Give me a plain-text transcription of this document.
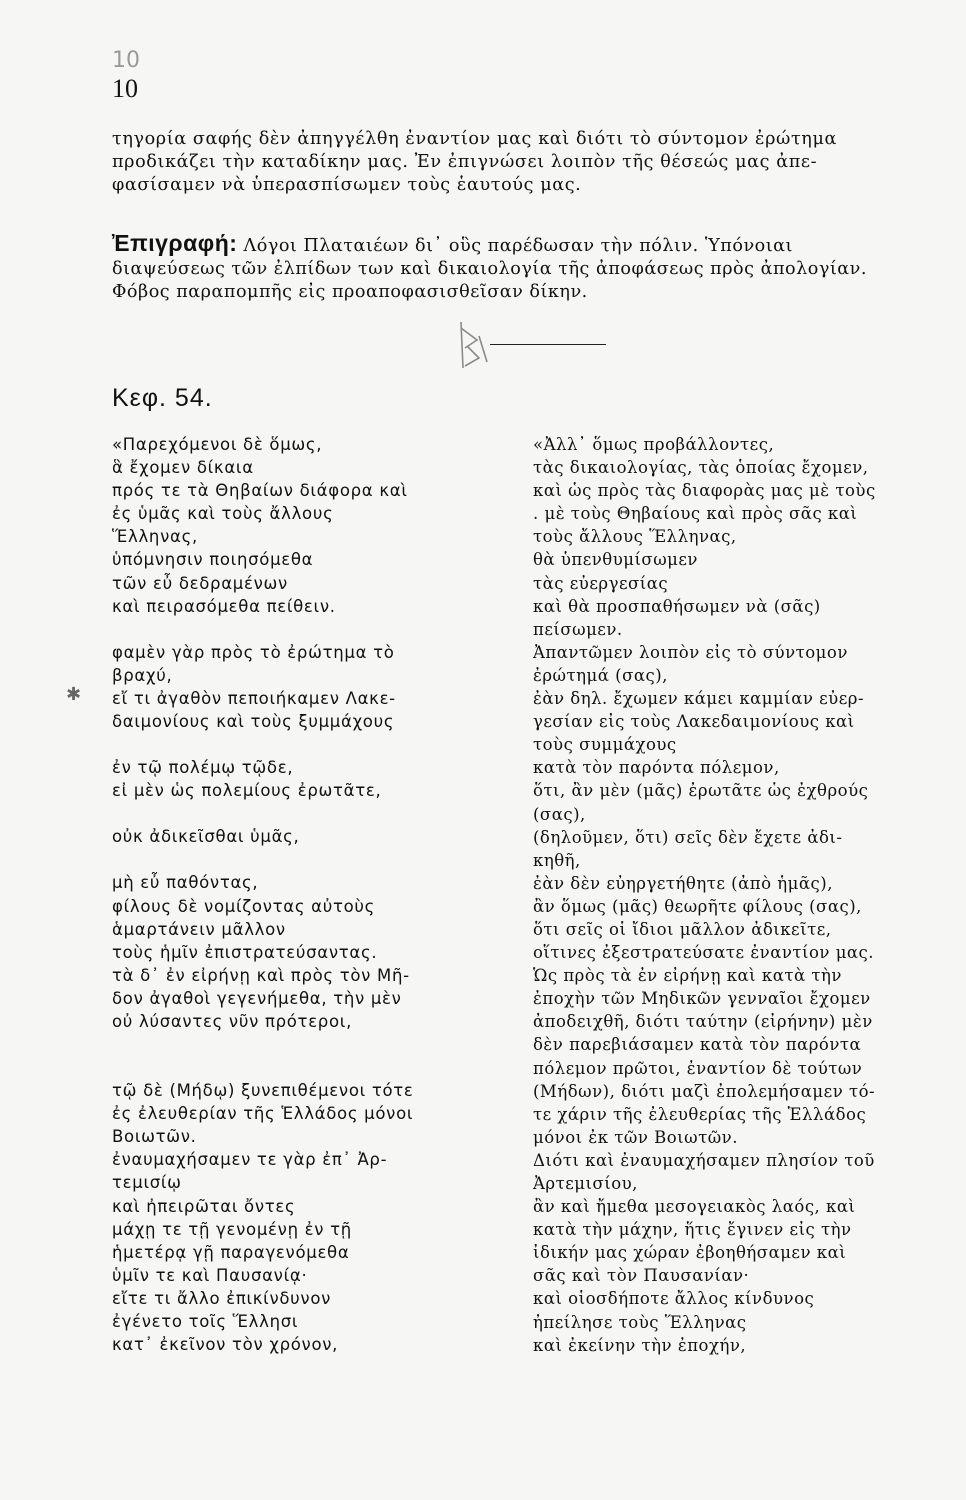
10
10
τηγορία σαφής δὲν ἀπηγγέλθη ἐναντίον μας καὶ διότι τὸ σύντομον ἐρώτημα
προδικάζει τὴν καταδίκην μας. Ἐν ἐπιγνώσει λοιπὸν τῆς θέσεώς μας ἀπε-
φασίσαμεν νὰ ὑπερασπίσωμεν τοὺς ἑαυτούς μας.
Ἐπιγραφή: Λόγοι Πλαταιέων δι᾽ οὓς παρέδωσαν τὴν πόλιν. Ὑπόνοιαι
διαψεύσεως τῶν ἐλπίδων των καὶ δικαιολογία τῆς ἀποφάσεως πρὸς ἀπολογίαν.
Φόβος παραπομπῆς εἰς προαποφασισθεῖσαν δίκην.
Κεφ. 54.
✱
«Παρεχόμενοι δὲ ὅμως,
ἃ ἔχομεν δίκαια
πρός τε τὰ Θηβαίων διάφορα καὶ
ἐς ὑμᾶς καὶ τοὺς ἄλλους
Ἕλληνας,
ὑπόμνησιν ποιησόμεθα
τῶν εὖ δεδραμένων
καὶ πειρασόμεθα πείθειν.
φαμὲν γὰρ πρὸς τὸ ἐρώτημα τὸ
βραχύ,
εἴ τι ἀγαθὸν πεποιήκαμεν Λακε-
δαιμονίους καὶ τοὺς ξυμμάχους
ἐν τῷ πολέμῳ τῷδε,
εἰ μὲν ὡς πολεμίους ἐρωτᾶτε,
οὐκ ἀδικεῖσθαι ὑμᾶς,
μὴ εὖ παθόντας,
φίλους δὲ νομίζοντας αὐτοὺς
ἁμαρτάνειν μᾶλλον
τοὺς ἡμῖν ἐπιστρατεύσαντας.
τὰ δ᾽ ἐν εἰρήνῃ καὶ πρὸς τὸν Μῆ-
δον ἀγαθοὶ γεγενήμεθα, τὴν μὲν
οὐ λύσαντες νῦν πρότεροι,
τῷ δὲ (Μήδῳ) ξυνεπιθέμενοι τότε
ἐς ἐλευθερίαν τῆς Ἑλλάδος μόνοι
Βοιωτῶν.
ἐναυμαχήσαμεν τε γὰρ ἐπ᾽ Ἀρ-
τεμισίῳ
καὶ ἠπειρῶται ὄντες
μάχῃ τε τῇ γενομένῃ ἐν τῇ
ἡμετέρᾳ γῇ παραγενόμεθα
ὑμῖν τε καὶ Παυσανίᾳ·
εἴτε τι ἄλλο ἐπικίνδυνον
ἐγένετο τοῖς Ἕλλησι
κατ᾽ ἐκεῖνον τὸν χρόνον,
«Ἀλλ᾽ ὅμως προβάλλοντες,
τὰς δικαιολογίας, τὰς ὁποίας ἔχομεν,
καὶ ὡς πρὸς τὰς διαφορὰς μας μὲ τοὺς
. μὲ τοὺς Θηβαίους καὶ πρὸς σᾶς καὶ
τοὺς ἄλλους Ἕλληνας,
θὰ ὑπενθυμίσωμεν
τὰς εὐεργεσίας
καὶ θὰ προσπαθήσωμεν νὰ (σᾶς)
πείσωμεν.
Ἀπαντῶμεν λοιπὸν εἰς τὸ σύντομον
ἐρώτημά (σας),
ἐὰν δηλ. ἔχωμεν κάμει καμμίαν εὐερ-
γεσίαν εἰς τοὺς Λακεδαιμονίους καὶ
τοὺς συμμάχους
κατὰ τὸν παρόντα πόλεμον,
ὅτι, ἂν μὲν (μᾶς) ἐρωτᾶτε ὡς ἐχθρούς
(σας),
(δηλοῦμεν, ὅτι) σεῖς δὲν ἔχετε ἀδι-
κηθῆ,
ἐὰν δὲν εὐηργετήθητε (ἀπὸ ἡμᾶς),
ἂν ὅμως (μᾶς) θεωρῆτε φίλους (σας),
ὅτι σεῖς οἱ ἴδιοι μᾶλλον ἀδικεῖτε,
οἵτινες ἐξεστρατεύσατε ἐναντίον μας.
Ὡς πρὸς τὰ ἐν εἰρήνῃ καὶ κατὰ τὴν
ἐποχὴν τῶν Μηδικῶν γενναῖοι ἔχομεν
ἀποδειχθῆ, διότι ταύτην (εἰρήνην) μὲν
δὲν παρεβιάσαμεν κατὰ τὸν παρόντα
πόλεμον πρῶτοι, ἐναντίον δὲ τούτων
(Μήδων), διότι μαζὶ ἐπολεμήσαμεν τό-
τε χάριν τῆς ἐλευθερίας τῆς Ἑλλάδος
μόνοι ἐκ τῶν Βοιωτῶν.
Διότι καὶ ἐναυμαχήσαμεν πλησίον τοῦ
Ἀρτεμισίου,
ἂν καὶ ἤμεθα μεσογειακὸς λαός, καὶ
κατὰ τὴν μάχην, ἥτις ἔγινεν εἰς τὴν
ἰδικήν μας χώραν ἐβοηθήσαμεν καὶ
σᾶς καὶ τὸν Παυσανίαν·
καὶ οἱοσδήποτε ἄλλος κίνδυνος
ἠπείλησε τοὺς Ἕλληνας
καὶ ἐκείνην τὴν ἐποχήν,
